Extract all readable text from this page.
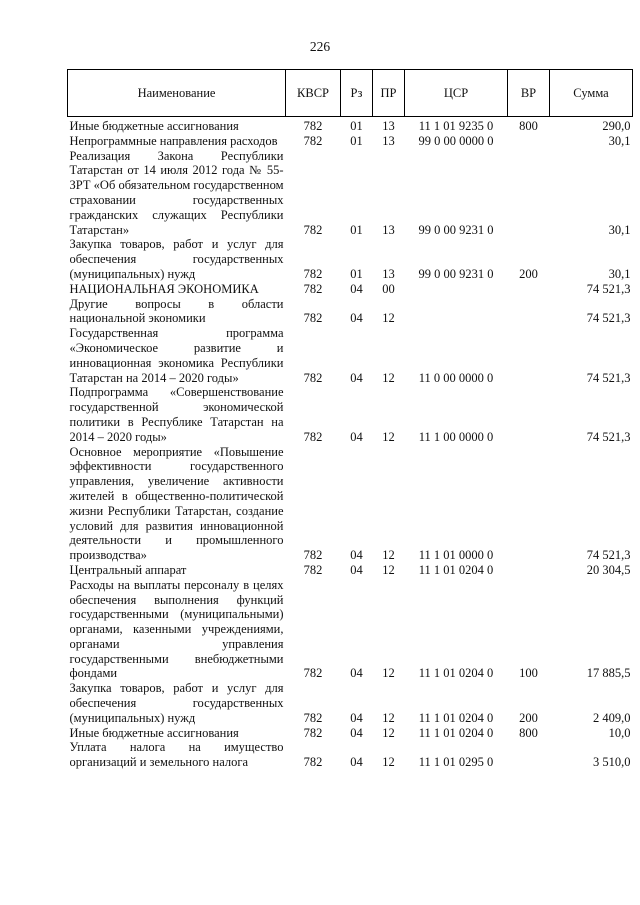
226
Наименование	КВСР	Рз	ПР	ЦСР	ВР	Сумма
Иные бюджетные ассигнования	782	01	13	11 1 01 9235 0	800	290,0
Непрограммные направления расходов	782	01	13	99 0 00 0000 0		30,1
Реализация Закона Республики Татарстан от 14 июля 2012 года № 55-ЗРТ «Об обязательном государственном страховании государственных гражданских служащих Республики Татарстан»	782	01	13	99 0 00 9231 0		30,1
Закупка товаров, работ и услуг для обеспечения государственных (муниципальных) нужд	782	01	13	99 0 00 9231 0	200	30,1
НАЦИОНАЛЬНАЯ ЭКОНОМИКА	782	04	00			74 521,3
Другие вопросы в области национальной экономики	782	04	12			74 521,3
Государственная программа «Экономическое развитие и инновационная экономика Республики Татарстан на 2014 – 2020 годы»	782	04	12	11 0 00 0000 0		74 521,3
Подпрограмма «Совершенствование государственной экономической политики в Республике Татарстан на 2014 – 2020 годы»	782	04	12	11 1 00 0000 0		74 521,3
Основное мероприятие «Повышение эффективности государственного управления, увеличение активности жителей в общественно-политической жизни Республики Татарстан, создание условий для развития инновационной деятельности и промышленного производства»	782	04	12	11 1 01 0000 0		74 521,3
Центральный аппарат	782	04	12	11 1 01 0204 0		20 304,5
Расходы на выплаты персоналу в целях обеспечения выполнения функций государственными (муниципальными) органами, казенными учреждениями, органами управления государственными внебюджетными фондами	782	04	12	11 1 01 0204 0	100	17 885,5
Закупка товаров, работ и услуг для обеспечения государственных (муниципальных) нужд	782	04	12	11 1 01 0204 0	200	2 409,0
Иные бюджетные ассигнования	782	04	12	11 1 01 0204 0	800	10,0
Уплата налога на имущество организаций и земельного налога	782	04	12	11 1 01 0295 0		3 510,0
